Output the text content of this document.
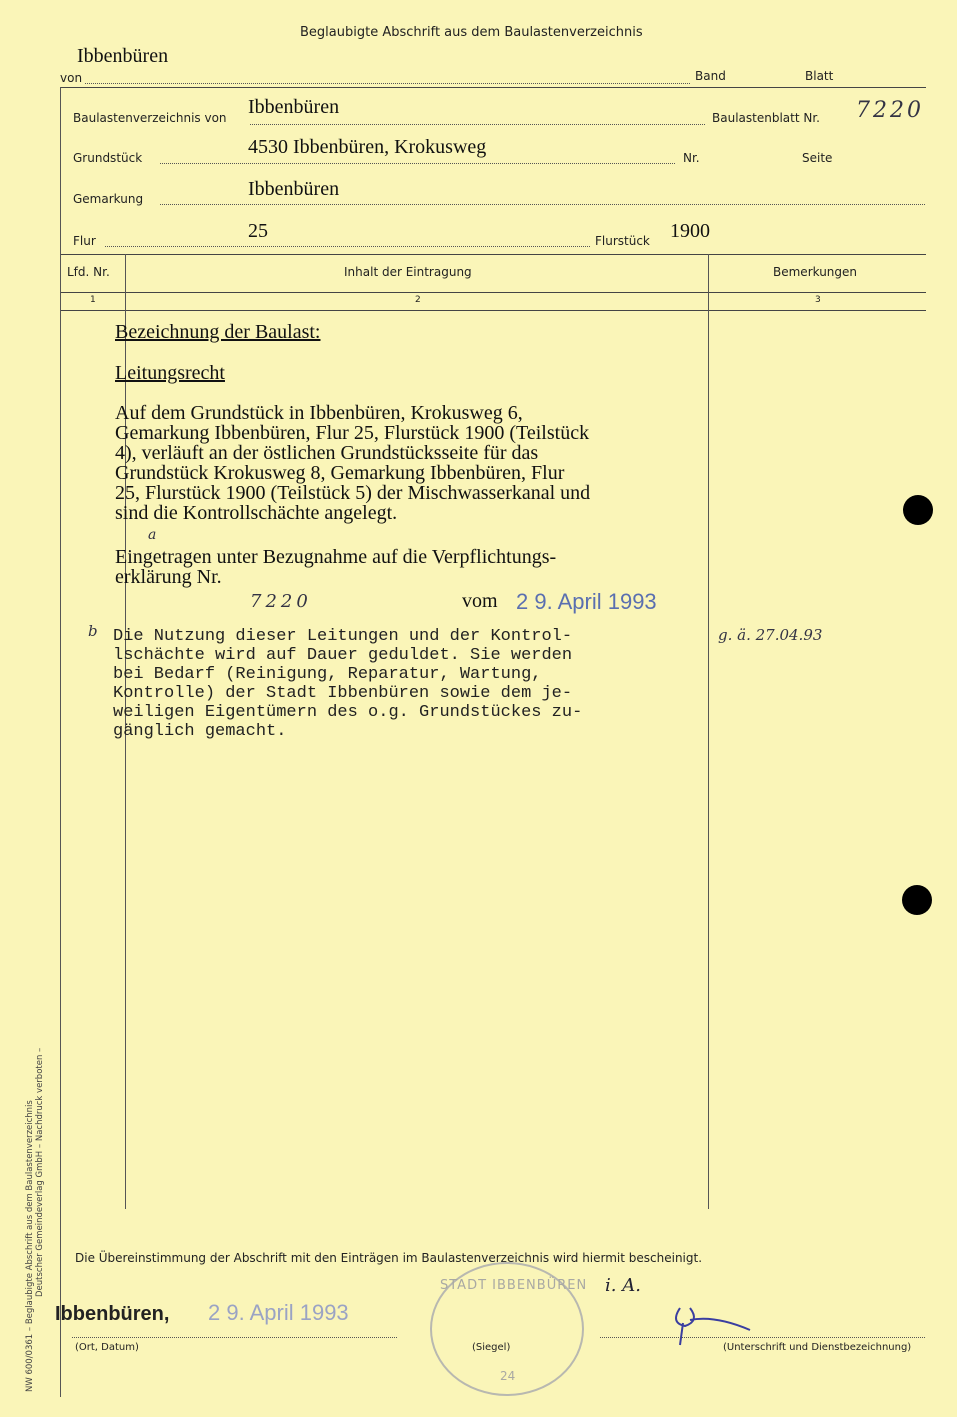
Beglaubigte Abschrift aus dem Baulastenverzeichnis
Ibbenbüren
von	Band	Blatt
Baulastenverzeichnis von Ibbenbüren	Baulastenblatt Nr. 7220
Grundstück	4530 Ibbenbüren, Krokusweg	Nr.	Seite
Gemarkung	Ibbenbüren
Flur	25	Flurstück 1900
Lfd. Nr.	Inhalt der Eintragung	Bemerkungen
1	2	3
Bezeichnung der Baulast:
Leitungsrecht
Auf dem Grundstück in Ibbenbüren, Krokusweg 6,
Gemarkung Ibbenbüren, Flur 25, Flurstück 1900 (Teilstück
4), verläuft an der östlichen Grundstücksseite für das
Grundstück Krokusweg 8, Gemarkung Ibbenbüren, Flur
25, Flurstück 1900 (Teilstück 5) der Mischwasserkanal und
sind die Kontrollschächte angelegt.
a
Eingetragen unter Bezugnahme auf die Verpflichtungs-
erklärung Nr.
7220	vom 2 9. April 1993
b Die Nutzung dieser Leitungen und der Kontrol-
lschächte wird auf Dauer geduldet. Sie werden
bei Bedarf (Reinigung, Reparatur, Wartung,
Kontrolle) der Stadt Ibbenbüren sowie dem je-
weiligen Eigentümern des o.g. Grundstückes zu-
gänglich gemacht.
g. ä. 27.04.93
Die Übereinstimmung der Abschrift mit den Einträgen im Baulastenverzeichnis wird hiermit bescheinigt.
Ibbenbüren, 2 9. April 1993
(Ort, Datum)
STADT IBBENBÜREN
24
(Siegel)
i. A.
(Unterschrift und Dienstbezeichnung)
NW 600/0361 – Beglaubigte Abschrift aus dem Baulastenverzeichnis Deutscher Gemeindeverlag GmbH – Nachdruck verboten –
